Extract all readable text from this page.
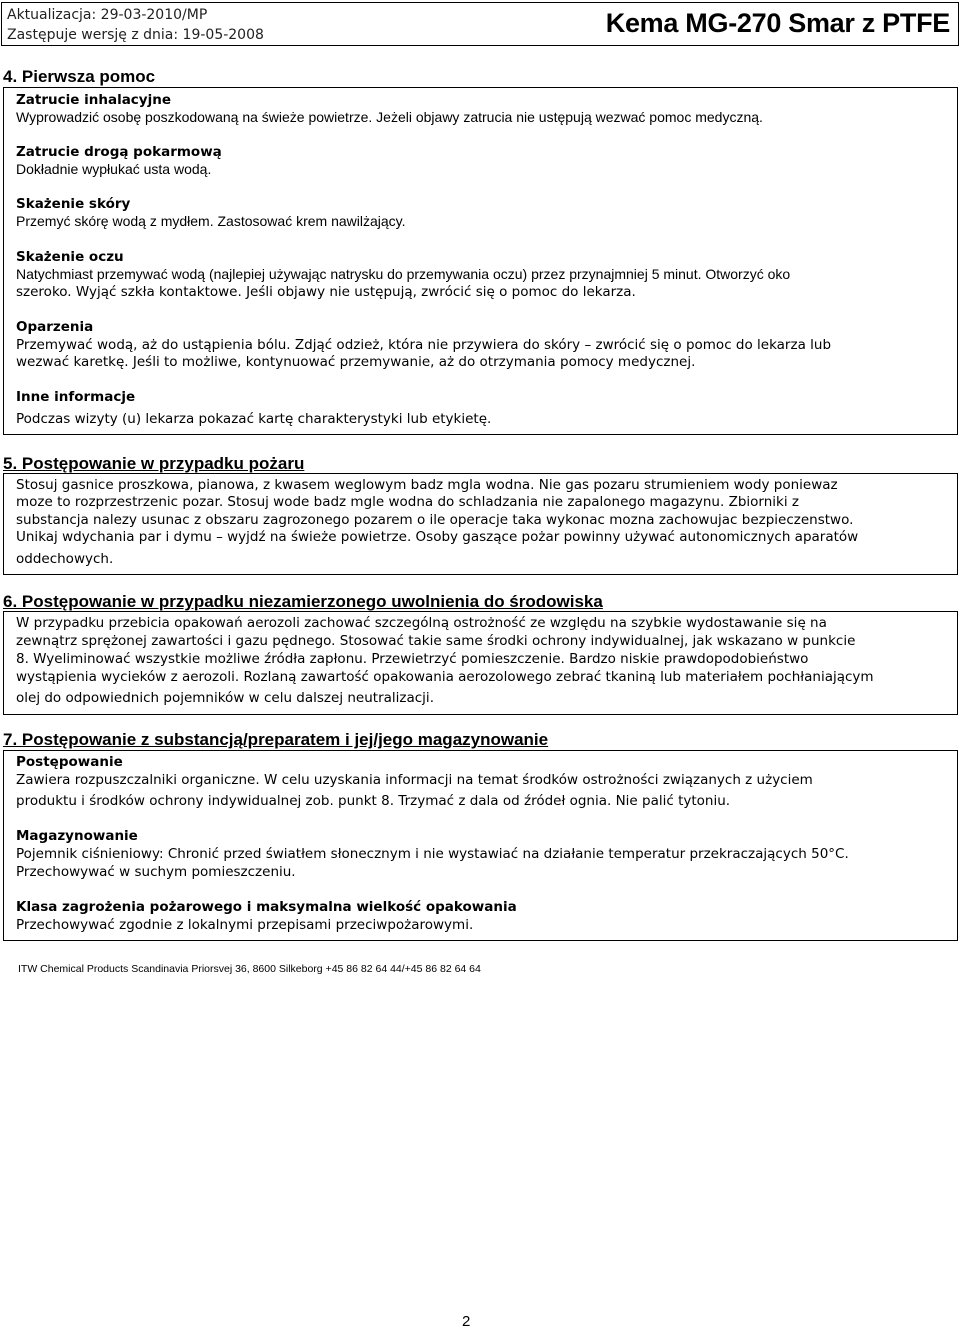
Aktualizacja: 29-03-2010/MP
Zastępuje wersję z dnia: 19-05-2008	Kema MG-270 Smar z PTFE
4. Pierwsza pomoc
Zatrucie inhalacyjne
Wyprowadzić osobę poszkodowaną na świeże powietrze. Jeżeli objawy zatrucia nie ustępują wezwać pomoc medyczną.
Zatrucie drogą pokarmową
Dokładnie wypłukać usta wodą.
Skażenie skóry
Przemyć skórę wodą z mydłem. Zastosować krem nawilżający.
Skażenie oczu
Natychmiast przemywać wodą (najlepiej używając natrysku do przemywania oczu) przez przynajmniej 5 minut. Otworzyć oko
szeroko. Wyjąć szkła kontaktowe. Jeśli objawy nie ustępują, zwrócić się o pomoc do lekarza.
Oparzenia
Przemywać wodą, aż do ustąpienia bólu. Zdjąć odzież, która nie przywiera do skóry – zwrócić się o pomoc do lekarza lub
wezwać karetkę. Jeśli to możliwe, kontynuować przemywanie, aż do otrzymania pomocy medycznej.
Inne informacje
Podczas wizyty (u) lekarza pokazać kartę charakterystyki lub etykietę.
5. Postępowanie w przypadku pożaru
Stosuj gasnice proszkowa, pianowa, z kwasem weglowym badz mgla wodna. Nie gas pozaru strumieniem wody poniewaz
moze to rozprzestrzenic pozar. Stosuj wode badz mgle wodna do schladzania nie zapalonego magazynu. Zbiorniki z
substancja nalezy usunac z obszaru zagrozonego pozarem o ile operacje taka wykonac mozna zachowujac bezpieczenstwo.
Unikaj wdychania par i dymu – wyjdź na świeże powietrze. Osoby gaszące pożar powinny używać autonomicznych aparatów
oddechowych.
6. Postępowanie w przypadku niezamierzonego uwolnienia do środowiska
W przypadku przebicia opakowań aerozoli zachować szczególną ostrożność ze względu na szybkie wydostawanie się na
zewnątrz sprężonej zawartości i gazu pędnego. Stosować takie same środki ochrony indywidualnej, jak wskazano w punkcie
8. Wyeliminować wszystkie możliwe źródła zapłonu. Przewietrzyć pomieszczenie. Bardzo niskie prawdopodobieństwo
wystąpienia wycieków z aerozoli. Rozlaną zawartość opakowania aerozolowego zebrać tkaniną lub materiałem pochłaniającym
olej do odpowiednich pojemników w celu dalszej neutralizacji.
7. Postępowanie z substancją/preparatem i jej/jego magazynowanie
Postępowanie
Zawiera rozpuszczalniki organiczne. W celu uzyskania informacji na temat środków ostrożności związanych z użyciem
produktu i środków ochrony indywidualnej zob. punkt 8. Trzymać z dala od źródeł ognia. Nie palić tytoniu.
Magazynowanie
Pojemnik ciśnieniowy: Chronić przed światłem słonecznym i nie wystawiać na działanie temperatur przekraczających 50°C.
Przechowywać w suchym pomieszczeniu.
Klasa zagrożenia pożarowego i maksymalna wielkość opakowania
Przechowywać zgodnie z lokalnymi przepisami przeciwpożarowymi.
ITW Chemical Products Scandinavia Priorsvej 36, 8600 Silkeborg +45 86 82 64 44/+45 86 82 64 64
2
